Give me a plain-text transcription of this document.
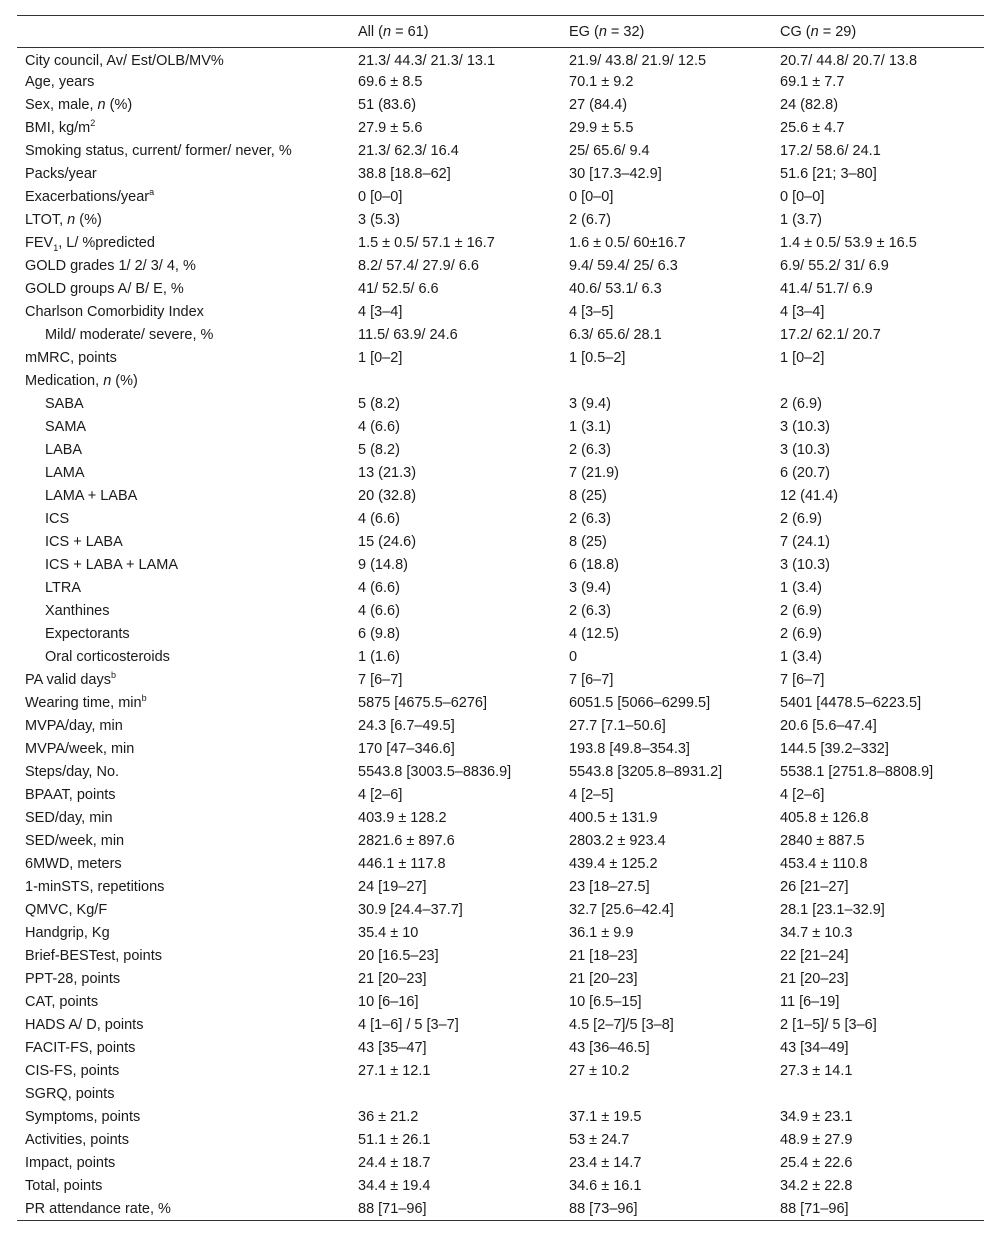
	All (n = 61)	EG (n = 32)	CG (n = 29)
City council, Av/ Est/OLB/MV%	21.3/ 44.3/ 21.3/ 13.1	21.9/ 43.8/ 21.9/ 12.5	20.7/ 44.8/ 20.7/ 13.8
Age, years	69.6 ± 8.5	70.1 ± 9.2	69.1 ± 7.7
Sex, male, n (%)	51 (83.6)	27 (84.4)	24 (82.8)
BMI, $kg/m^2$	27.9 ± 5.6	29.9 ± 5.5	25.6 ± 4.7
Smoking status, current/ former/ never, %	21.3/ 62.3/ 16.4	25/ 65.6/ 9.4	17.2/ 58.6/ 24.1
Packs/year	38.8 [18.8–62]	30 [17.3–42.9]	51.6 [21; 3–80]
Exacerbations/year$^a$	0 [0–0]	0 [0–0]	0 [0–0]
LTOT, n (%)	3 (5.3)	2 (6.7)	1 (3.7)
$FEV_1$, L/ %predicted	1.5 ± 0.5/ 57.1 ± 16.7	1.6 ± 0.5/ 60±16.7	1.4 ± 0.5/ 53.9 ± 16.5
GOLD grades 1/ 2/ 3/ 4, %	8.2/ 57.4/ 27.9/ 6.6	9.4/ 59.4/ 25/ 6.3	6.9/ 55.2/ 31/ 6.9
GOLD groups A/ B/ E, %	41/ 52.5/ 6.6	40.6/ 53.1/ 6.3	41.4/ 51.7/ 6.9
Charlson Comorbidity Index	4 [3–4]	4 [3–5]	4 [3–4]
Mild/ moderate/ severe, %	11.5/ 63.9/ 24.6	6.3/ 65.6/ 28.1	17.2/ 62.1/ 20.7
mMRC, points	1 [0–2]	1 [0.5–2]	1 [0–2]
Medication, n (%)			
SABA	5 (8.2)	3 (9.4)	2 (6.9)
SAMA	4 (6.6)	1 (3.1)	3 (10.3)
LABA	5 (8.2)	2 (6.3)	3 (10.3)
LAMA	13 (21.3)	7 (21.9)	6 (20.7)
LAMA + LABA	20 (32.8)	8 (25)	12 (41.4)
ICS	4 (6.6)	2 (6.3)	2 (6.9)
ICS + LABA	15 (24.6)	8 (25)	7 (24.1)
ICS + LABA + LAMA	9 (14.8)	6 (18.8)	3 (10.3)
LTRA	4 (6.6)	3 (9.4)	1 (3.4)
Xanthines	4 (6.6)	2 (6.3)	2 (6.9)
Expectorants	6 (9.8)	4 (12.5)	2 (6.9)
Oral corticosteroids	1 (1.6)	0	1 (3.4)
PA valid days$^b$	7 [6–7]	7 [6–7]	7 [6–7]
Wearing time, $\min^b$	5875 [4675.5–6276]	6051.5 [5066–6299.5]	5401 [4478.5–6223.5]
MVPA/day, min	24.3 [6.7–49.5]	27.7 [7.1–50.6]	20.6 [5.6–47.4]
MVPA/week, min	170 [47–346.6]	193.8 [49.8–354.3]	144.5 [39.2–332]
Steps/day, No.	5543.8 [3003.5–8836.9]	5543.8 [3205.8–8931.2]	5538.1 [2751.8–8808.9]
BPAAT, points	4 [2–6]	4 [2–5]	4 [2–6]
SED/day, min	403.9 ± 128.2	400.5 ± 131.9	405.8 ± 126.8
SED/week, min	2821.6 ± 897.6	2803.2 ± 923.4	2840 ± 887.5
6MWD, meters	446.1 ± 117.8	439.4 ± 125.2	453.4 ± 110.8
1-minSTS, repetitions	24 [19–27]	23 [18–27.5]	26 [21–27]
QMVC, Kg/F	30.9 [24.4–37.7]	32.7 [25.6–42.4]	28.1 [23.1–32.9]
Handgrip, Kg	35.4 ± 10	36.1 ± 9.9	34.7 ± 10.3
Brief-BESTest, points	20 [16.5–23]	21 [18–23]	22 [21–24]
PPT-28, points	21 [20–23]	21 [20–23]	21 [20–23]
CAT, points	10 [6–16]	10 [6.5–15]	11 [6–19]
HADS A/ D, points	4 [1–6] / 5 [3–7]	4.5 [2–7]/5 [3–8]	2 [1–5]/ 5 [3–6]
FACIT-FS, points	43 [35–47]	43 [36–46.5]	43 [34–49]
CIS-FS, points	27.1 ± 12.1	27 ± 10.2	27.3 ± 14.1
SGRQ, points			
Symptoms, points	36 ± 21.2	37.1 ± 19.5	34.9 ± 23.1
Activities, points	51.1 ± 26.1	53 ± 24.7	48.9 ± 27.9
Impact, points	24.4 ± 18.7	23.4 ± 14.7	25.4 ± 22.6
Total, points	34.4 ± 19.4	34.6 ± 16.1	34.2 ± 22.8
PR attendance rate, %	88 [71–96]	88 [73–96]	88 [71–96]
